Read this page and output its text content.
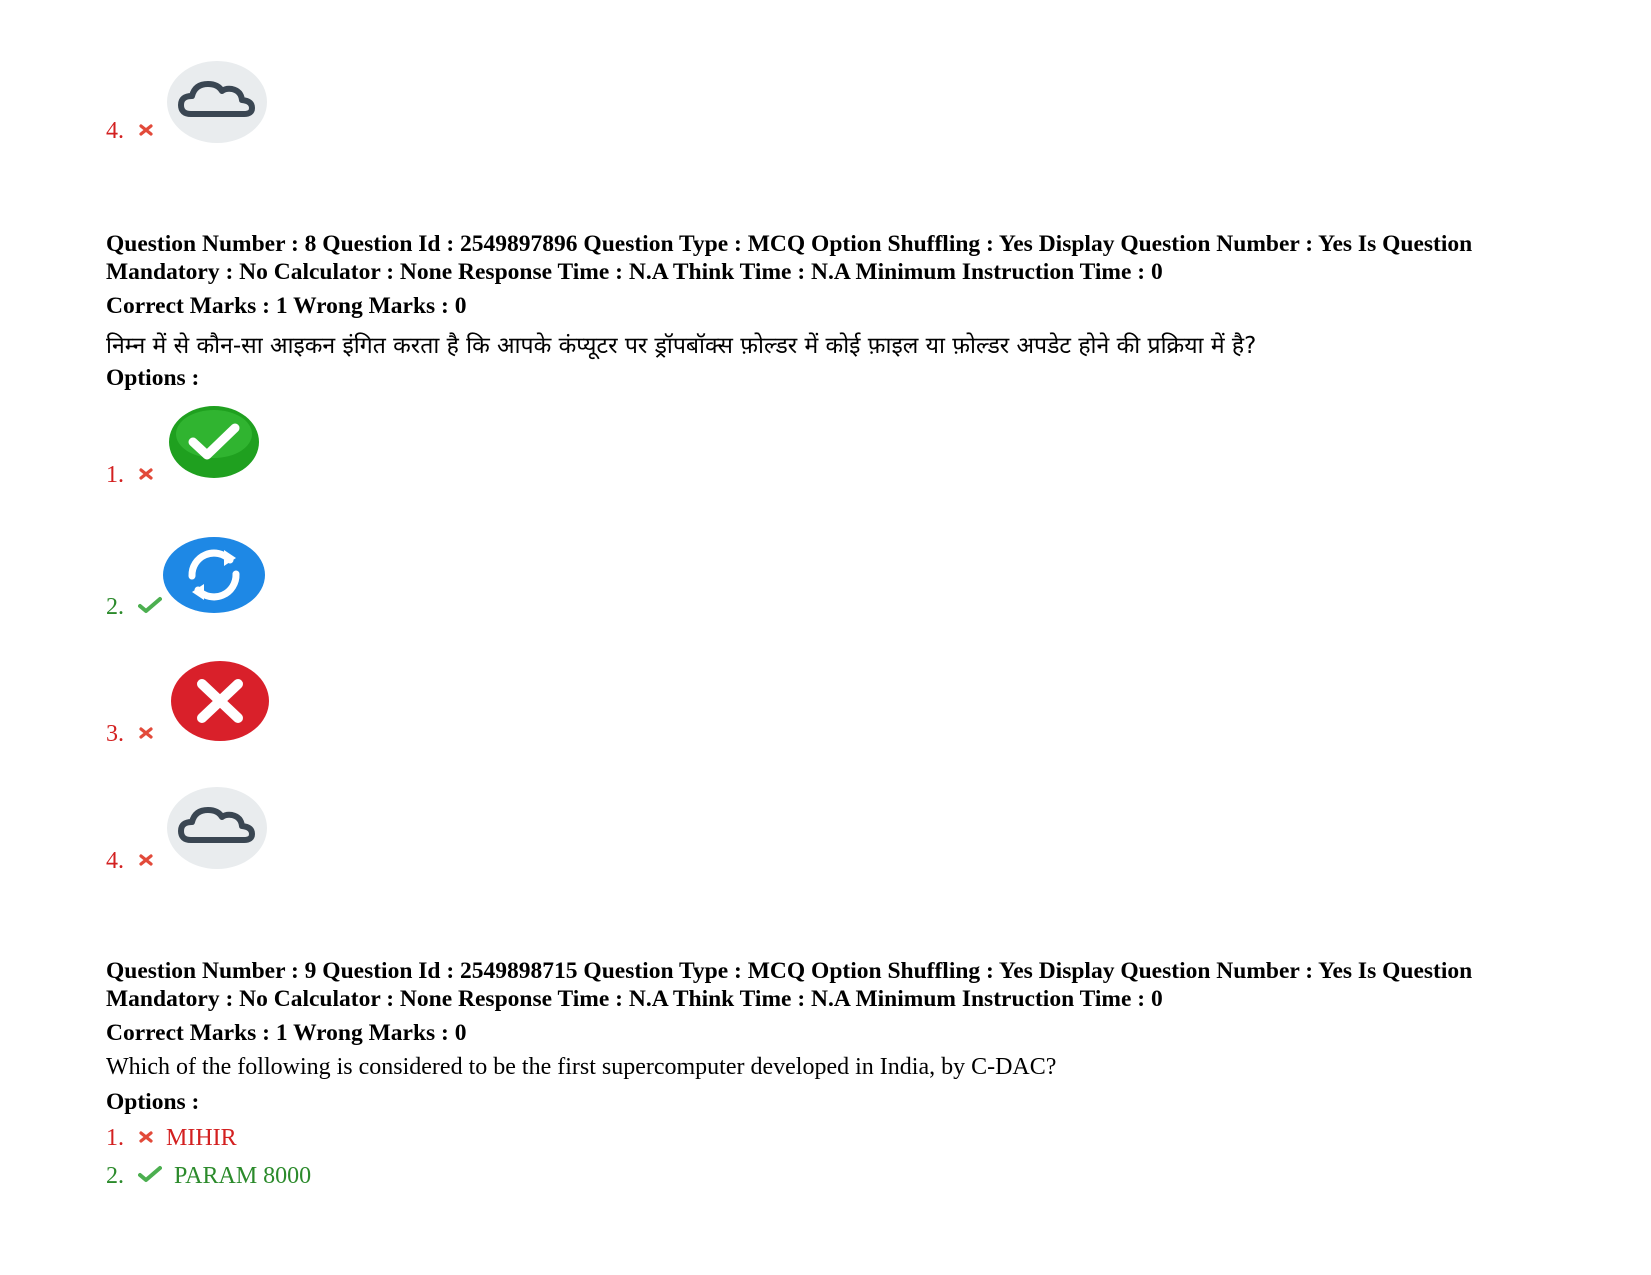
4.
Question Number : 8 Question Id : 2549897896 Question Type : MCQ Option Shuffling : Yes Display Question Number : Yes Is Question
Mandatory : No Calculator : None Response Time : N.A Think Time : N.A Minimum Instruction Time : 0
Correct Marks : 1 Wrong Marks : 0
निम्न में से कौन-सा आइकन इंगित करता है कि आपके कंप्यूटर पर ड्रॉपबॉक्स फ़ोल्डर में कोई फ़ाइल या फ़ोल्डर अपडेट होने की प्रक्रिया में है?
Options :
1.
2.
3.
4.
Question Number : 9 Question Id : 2549898715 Question Type : MCQ Option Shuffling : Yes Display Question Number : Yes Is Question
Mandatory : No Calculator : None Response Time : N.A Think Time : N.A Minimum Instruction Time : 0
Correct Marks : 1 Wrong Marks : 0
Which of the following is considered to be the first supercomputer developed in India, by C-DAC?
Options :
1. MIHIR
2. PARAM 8000
